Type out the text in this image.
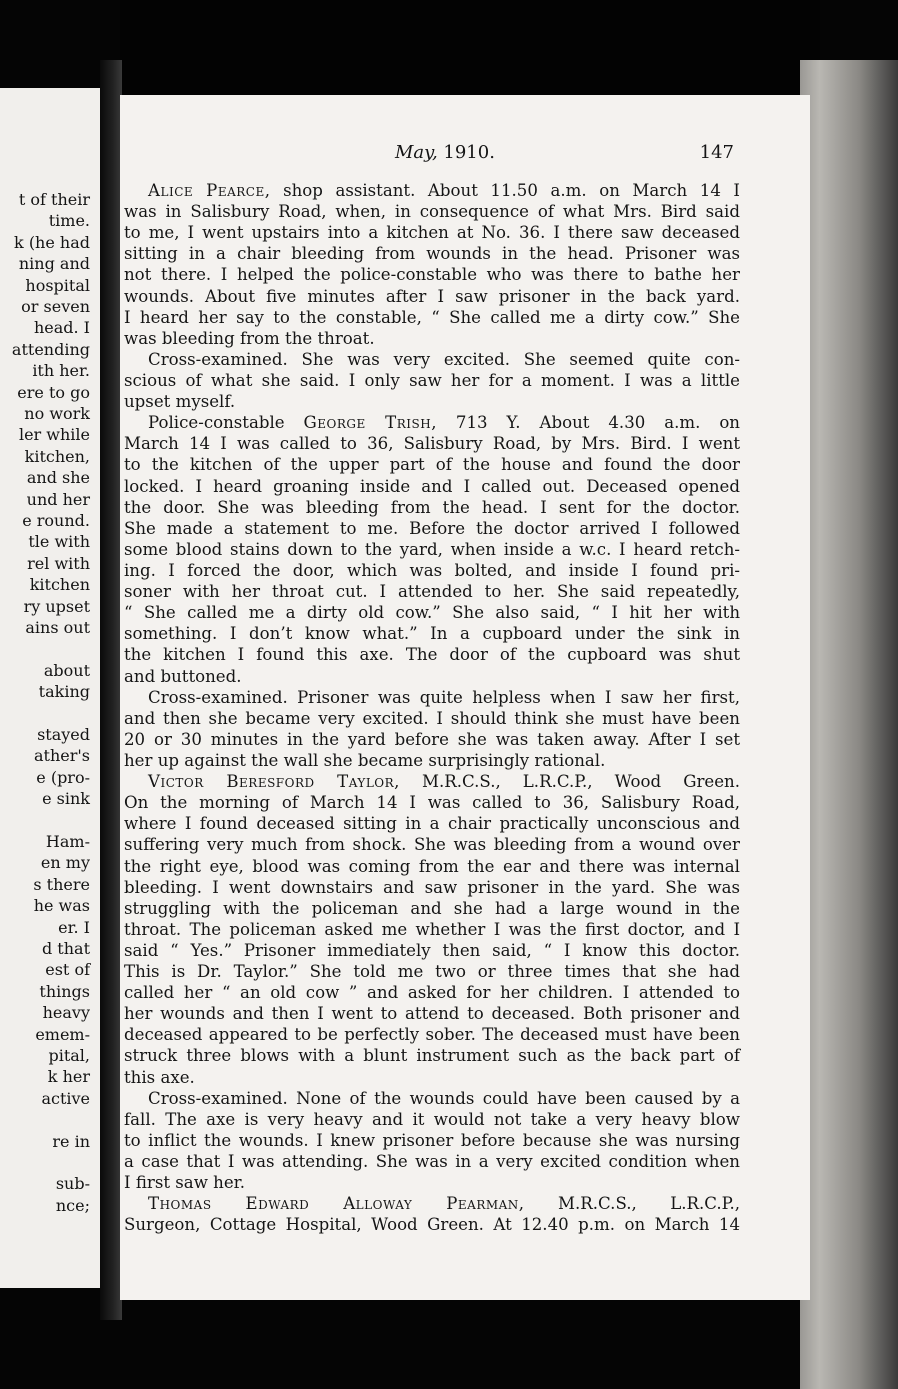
t of their
time.
k (he had
ning and
hospital
or seven
head. I
attending
ith her.
ere to go
no work
ler while
kitchen,
and she
und her
e round.
tle with
rel with
kitchen
ry upset
ains out
about
taking
stayed
ather's
e (pro-
e sink
Ham-
en my
s there
he was
er. I
d that
est of
things
heavy
emem-
pital,
k her
active
re in
sub-
nce;
May, 1910.	147
Alice Pearce, shop assistant. About 11.50 a.m. on March 14 I
was in Salisbury Road, when, in consequence of what Mrs. Bird said
to me, I went upstairs into a kitchen at No. 36. I there saw deceased
sitting in a chair bleeding from wounds in the head. Prisoner was
not there. I helped the police-constable who was there to bathe her
wounds. About five minutes after I saw prisoner in the back yard.
I heard her say to the constable, “ She called me a dirty cow.” She
was bleeding from the throat.
Cross-examined. She was very excited. She seemed quite con-
scious of what she said. I only saw her for a moment. I was a little
upset myself.
Police-constable George Trish, 713 Y. About 4.30 a.m. on
March 14 I was called to 36, Salisbury Road, by Mrs. Bird. I went
to the kitchen of the upper part of the house and found the door
locked. I heard groaning inside and I called out. Deceased opened
the door. She was bleeding from the head. I sent for the doctor.
She made a statement to me. Before the doctor arrived I followed
some blood stains down to the yard, when inside a w.c. I heard retch-
ing. I forced the door, which was bolted, and inside I found pri-
soner with her throat cut. I attended to her. She said repeatedly,
“ She called me a dirty old cow.” She also said, “ I hit her with
something. I don’t know what.” In a cupboard under the sink in
the kitchen I found this axe. The door of the cupboard was shut
and buttoned.
Cross-examined. Prisoner was quite helpless when I saw her first,
and then she became very excited. I should think she must have been
20 or 30 minutes in the yard before she was taken away. After I set
her up against the wall she became surprisingly rational.
Victor Beresford Taylor, M.R.C.S., L.R.C.P., Wood Green.
On the morning of March 14 I was called to 36, Salisbury Road,
where I found deceased sitting in a chair practically unconscious and
suffering very much from shock. She was bleeding from a wound over
the right eye, blood was coming from the ear and there was internal
bleeding. I went downstairs and saw prisoner in the yard. She was
struggling with the policeman and she had a large wound in the
throat. The policeman asked me whether I was the first doctor, and I
said “ Yes.” Prisoner immediately then said, “ I know this doctor.
This is Dr. Taylor.” She told me two or three times that she had
called her “ an old cow ” and asked for her children. I attended to
her wounds and then I went to attend to deceased. Both prisoner and
deceased appeared to be perfectly sober. The deceased must have been
struck three blows with a blunt instrument such as the back part of
this axe.
Cross-examined. None of the wounds could have been caused by a
fall. The axe is very heavy and it would not take a very heavy blow
to inflict the wounds. I knew prisoner before because she was nursing
a case that I was attending. She was in a very excited condition when
I first saw her.
Thomas Edward Alloway Pearman, M.R.C.S., L.R.C.P.,
Surgeon, Cottage Hospital, Wood Green. At 12.40 p.m. on March 14
